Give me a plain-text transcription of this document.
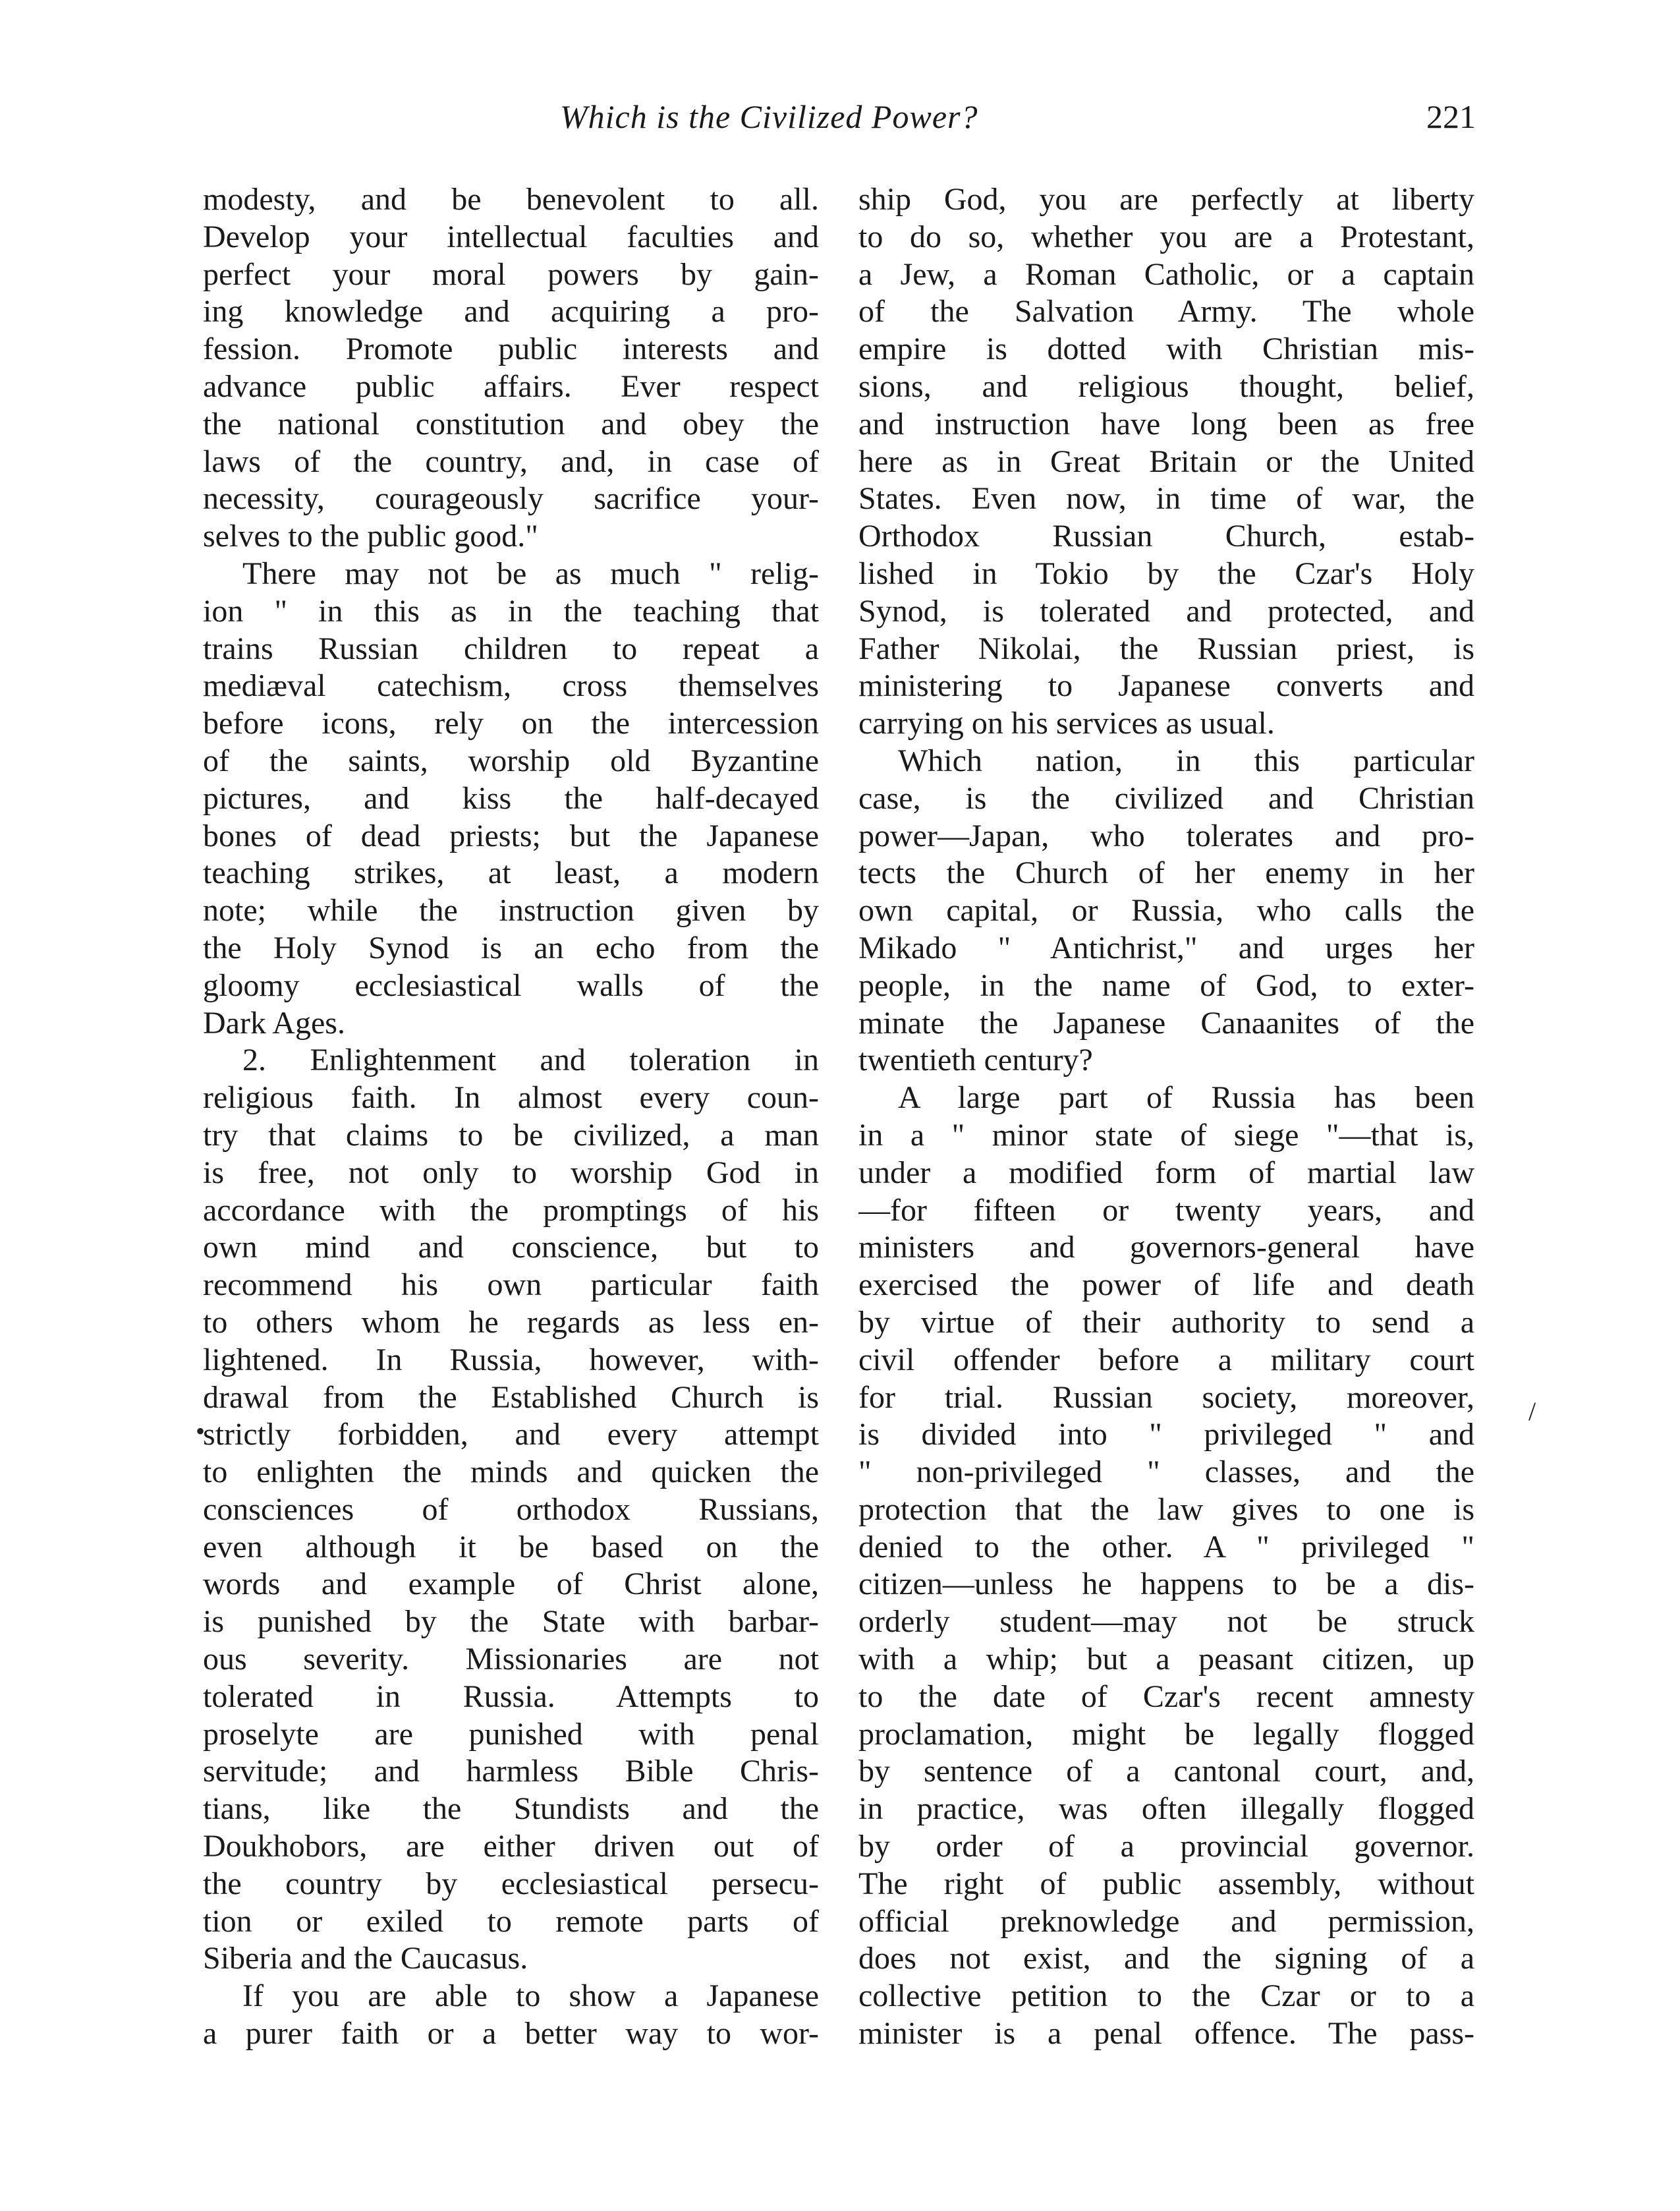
Which is the Civilized Power?	221
modesty, and be benevolent to all.
Develop your intellectual faculties and
perfect your moral powers by gain-
ing knowledge and acquiring a pro-
fession. Promote public interests and
advance public affairs. Ever respect
the national constitution and obey the
laws of the country, and, in case of
necessity, courageously sacrifice your-
selves to the public good."
There may not be as much " relig-
ion " in this as in the teaching that
trains Russian children to repeat a
mediæval catechism, cross themselves
before icons, rely on the intercession
of the saints, worship old Byzantine
pictures, and kiss the half-decayed
bones of dead priests; but the Japanese
teaching strikes, at least, a modern
note; while the instruction given by
the Holy Synod is an echo from the
gloomy ecclesiastical walls of the
Dark Ages.
2. Enlightenment and toleration in
religious faith. In almost every coun-
try that claims to be civilized, a man
is free, not only to worship God in
accordance with the promptings of his
own mind and conscience, but to
recommend his own particular faith
to others whom he regards as less en-
lightened. In Russia, however, with-
drawal from the Established Church is
strictly forbidden, and every attempt
to enlighten the minds and quicken the
consciences of orthodox Russians,
even although it be based on the
words and example of Christ alone,
is punished by the State with barbar-
ous severity. Missionaries are not
tolerated in Russia. Attempts to
proselyte are punished with penal
servitude; and harmless Bible Chris-
tians, like the Stundists and the
Doukhobors, are either driven out of
the country by ecclesiastical persecu-
tion or exiled to remote parts of
Siberia and the Caucasus.
If you are able to show a Japanese
a purer faith or a better way to wor-
ship God, you are perfectly at liberty
to do so, whether you are a Protestant,
a Jew, a Roman Catholic, or a captain
of the Salvation Army. The whole
empire is dotted with Christian mis-
sions, and religious thought, belief,
and instruction have long been as free
here as in Great Britain or the United
States. Even now, in time of war, the
Orthodox Russian Church, estab-
lished in Tokio by the Czar's Holy
Synod, is tolerated and protected, and
Father Nikolai, the Russian priest, is
ministering to Japanese converts and
carrying on his services as usual.
Which nation, in this particular
case, is the civilized and Christian
power—Japan, who tolerates and pro-
tects the Church of her enemy in her
own capital, or Russia, who calls the
Mikado " Antichrist," and urges her
people, in the name of God, to exter-
minate the Japanese Canaanites of the
twentieth century?
A large part of Russia has been
in a " minor state of siege "—that is,
under a modified form of martial law
—for fifteen or twenty years, and
ministers and governors-general have
exercised the power of life and death
by virtue of their authority to send a
civil offender before a military court
for trial. Russian society, moreover,
is divided into " privileged " and
" non-privileged " classes, and the
protection that the law gives to one is
denied to the other. A " privileged "
citizen—unless he happens to be a dis-
orderly student—may not be struck
with a whip; but a peasant citizen, up
to the date of Czar's recent amnesty
proclamation, might be legally flogged
by sentence of a cantonal court, and,
in practice, was often illegally flogged
by order of a provincial governor.
The right of public assembly, without
official preknowledge and permission,
does not exist, and the signing of a
collective petition to the Czar or to a
minister is a penal offence. The pass-
•
/
